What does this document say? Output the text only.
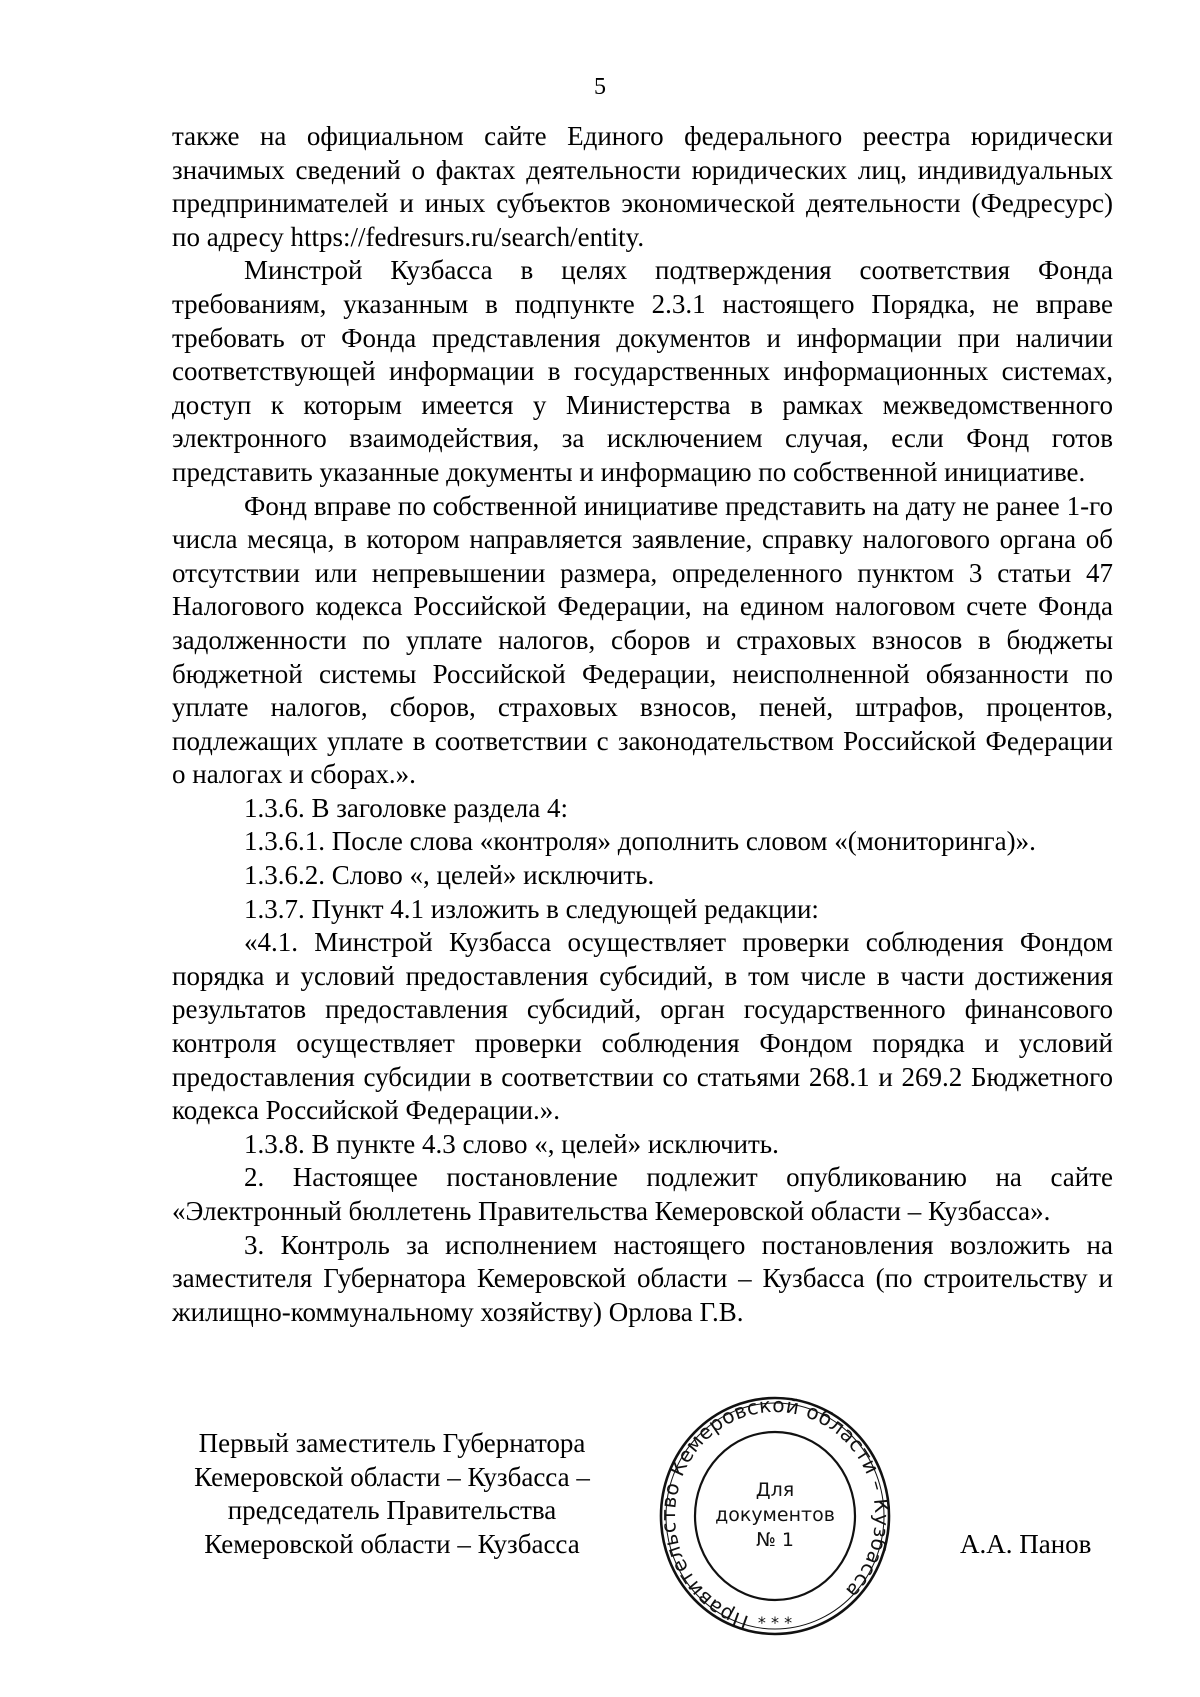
5

также на официальном сайте Единого федерального реестра юридически значимых сведений о фактах деятельности юридических лиц, индивидуальных предпринимателей и иных субъектов экономической деятельности (Федресурс) по адресу https://fedresurs.ru/search/entity.

Минстрой Кузбасса в целях подтверждения соответствия Фонда требованиям, указанным в подпункте 2.3.1 настоящего Порядка, не вправе требовать от Фонда представления документов и информации при наличии соответствующей информации в государственных информационных системах, доступ к которым имеется у Министерства в рамках межведомственного электронного взаимодействия, за исключением случая, если Фонд готов представить указанные документы и информацию по собственной инициативе.

Фонд вправе по собственной инициативе представить на дату не ранее 1-го числа месяца, в котором направляется заявление, справку налогового органа об отсутствии или непревышении размера, определенного пунктом 3 статьи 47 Налогового кодекса Российской Федерации, на едином налоговом счете Фонда задолженности по уплате налогов, сборов и страховых взносов в бюджеты бюджетной системы Российской Федерации, неисполненной обязанности по уплате налогов, сборов, страховых взносов, пеней, штрафов, процентов, подлежащих уплате в соответствии с законодательством Российской Федерации о налогах и сборах.».

1.3.6. В заголовке раздела 4:

1.3.6.1. После слова «контроля» дополнить словом «(мониторинга)».

1.3.6.2. Слово «, целей» исключить.

1.3.7. Пункт 4.1 изложить в следующей редакции:

«4.1. Минстрой Кузбасса осуществляет проверки соблюдения Фондом порядка и условий предоставления субсидий, в том числе в части достижения результатов предоставления субсидий, орган государственного финансового контроля осуществляет проверки соблюдения Фондом порядка и условий предоставления субсидии в соответствии со статьями 268.1 и 269.2 Бюджетного кодекса Российской Федерации.».

1.3.8. В пункте 4.3 слово «, целей» исключить.

2. Настоящее постановление подлежит опубликованию на сайте «Электронный бюллетень Правительства Кемеровской области – Кузбасса».

3. Контроль за исполнением настоящего постановления возложить на заместителя Губернатора Кемеровской области – Кузбасса (по строительству и жилищно-коммунальному хозяйству) Орлова Г.В.

Первый заместитель Губернатора
Кемеровской области – Кузбасса –
председатель Правительства
Кемеровской области – Кузбасса
Правительство Кемеровской области – Кузбасса
Для
документов
№ 1
* * *
А.А. Панов
